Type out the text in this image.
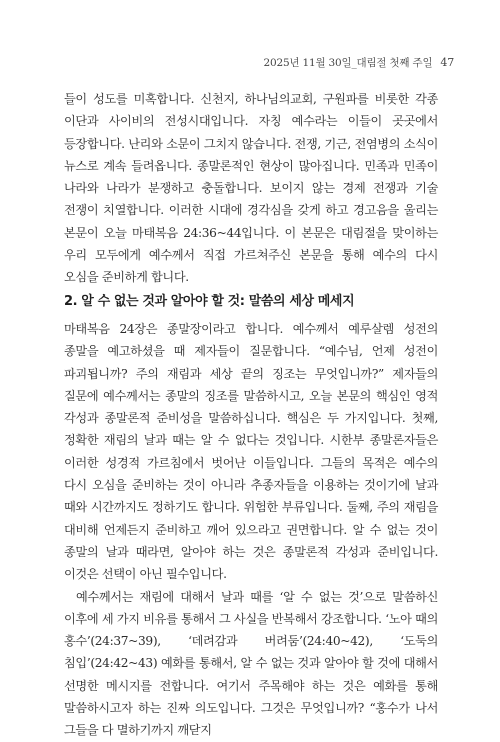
2025년 11월 30일_대림절 첫째 주일 47

들이 성도를 미혹합니다. 신천지, 하나님의교회, 구원파를 비롯한 각종 이단과 사이비의 전성시대입니다. 자칭 예수라는 이들이 곳곳에서 등장합니다. 난리와 소문이 그치지 않습니다. 전쟁, 기근, 전염병의 소식이 뉴스로 계속 들려옵니다. 종말론적인 현상이 많아집니다. 민족과 민족이 나라와 나라가 분쟁하고 충돌합니다. 보이지 않는 경제 전쟁과 기술 전쟁이 치열합니다. 이러한 시대에 경각심을 갖게 하고 경고음을 울리는 본문이 오늘 마태복음 24:36~44입니다. 이 본문은 대림절을 맞이하는 우리 모두에게 예수께서 직접 가르쳐주신 본문을 통해 예수의 다시 오심을 준비하게 합니다.

2. 알 수 없는 것과 알아야 할 것: 말씀의 세상 메세지

마태복음 24장은 종말장이라고 합니다. 예수께서 예루살렘 성전의 종말을 예고하셨을 때 제자들이 질문합니다. “예수님, 언제 성전이 파괴됩니까? 주의 재림과 세상 끝의 징조는 무엇입니까?” 제자들의 질문에 예수께서는 종말의 징조를 말씀하시고, 오늘 본문의 핵심인 영적 각성과 종말론적 준비성을 말씀하십니다. 핵심은 두 가지입니다. 첫째, 정확한 재림의 날과 때는 알 수 없다는 것입니다. 시한부 종말론자들은 이러한 성경적 가르침에서 벗어난 이들입니다. 그들의 목적은 예수의 다시 오심을 준비하는 것이 아니라 추종자들을 이용하는 것이기에 날과 때와 시간까지도 정하기도 합니다. 위험한 부류입니다. 둘째, 주의 재림을 대비해 언제든지 준비하고 깨어 있으라고 권면합니다. 알 수 없는 것이 종말의 날과 때라면, 알아야 하는 것은 종말론적 각성과 준비입니다. 이것은 선택이 아닌 필수입니다.

예수께서는 재림에 대해서 날과 때를 ‘알 수 없는 것’으로 말씀하신 이후에 세 가지 비유를 통해서 그 사실을 반복해서 강조합니다. ‘노아 때의 홍수’(24:37~39), ‘데려감과 버려둠’(24:40~42), ‘도둑의 침입’(24:42~43) 예화를 통해서, 알 수 없는 것과 알아야 할 것에 대해서 선명한 메시지를 전합니다. 여기서 주목해야 하는 것은 예화를 통해 말씀하시고자 하는 진짜 의도입니다. 그것은 무엇입니까? “홍수가 나서 그들을 다 멸하기까지 깨닫지
